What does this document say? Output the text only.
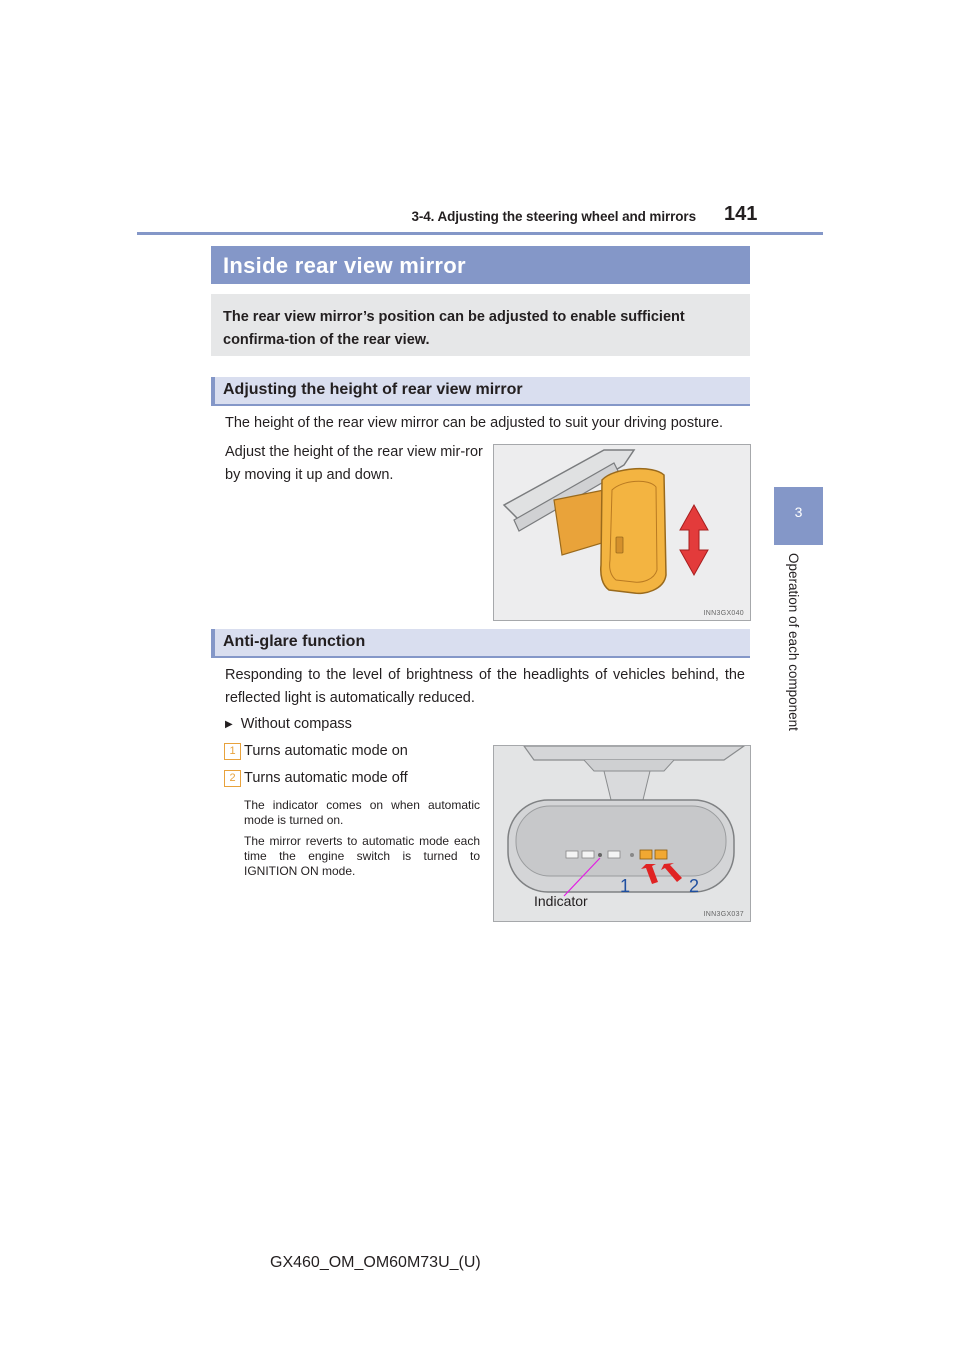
3-4. Adjusting the steering wheel and mirrors 141
3
Operation of each component
Inside rear view mirror
The rear view mirror’s position can be adjusted to enable sufficient confirma-tion of the rear view.
Adjusting the height of rear view mirror
The height of the rear view mirror can be adjusted to suit your driving posture.
Adjust the height of the rear view mir-ror by moving it up and down.
INN3GX040
Anti-glare function
Responding to the level of brightness of the headlights of vehicles behind, the reflected light is automatically reduced.
▶ Without compass
1 Turns automatic mode on
2 Turns automatic mode off
The indicator comes on when automatic mode is turned on.
The mirror reverts to automatic mode each time the engine switch is turned to IGNITION ON mode.
1	2
Indicator
INN3GX037
GX460_OM_OM60M73U_(U)
